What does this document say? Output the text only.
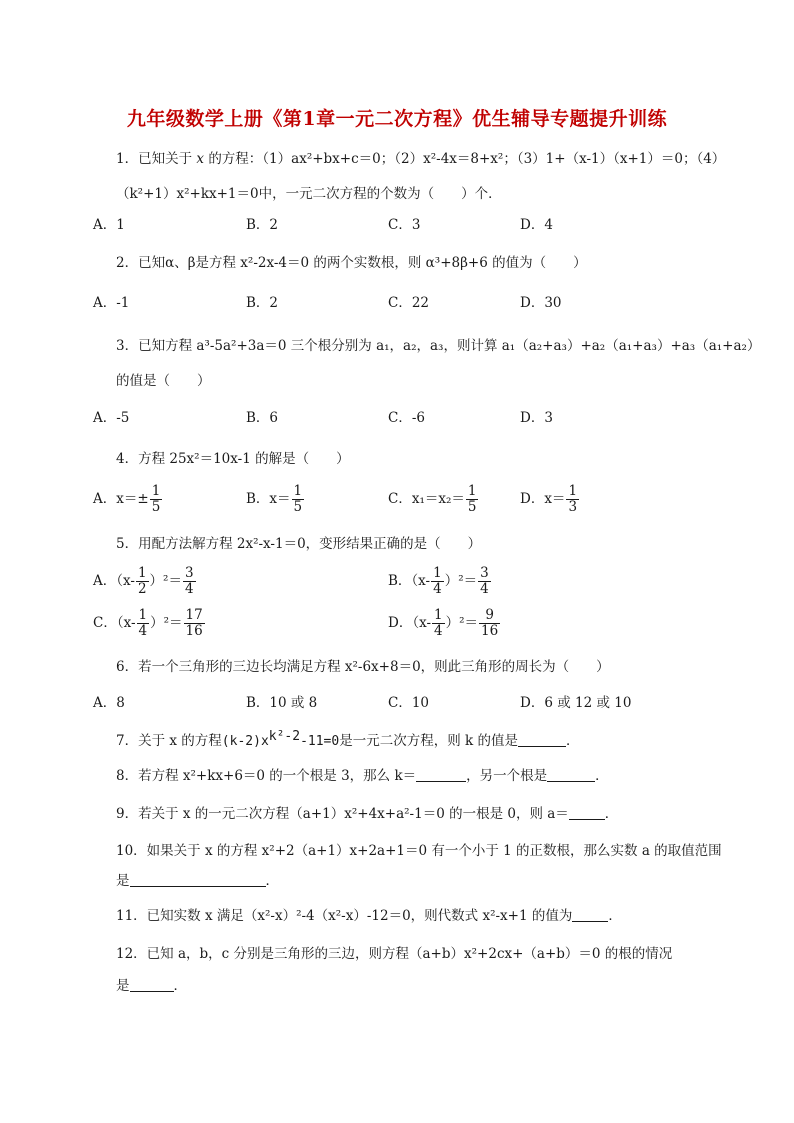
九年级数学上册《第1章一元二次方程》优生辅导专题提升训练
1．已知关于 x 的方程：（1）ax²+bx+c＝0；（2）x²-4x＝8+x²；（3）1+（x-1）（x+1）＝0；（4）
（k²+1）x²+kx+1＝0中，一元二次方程的个数为（　　）个．
A．1	B．2	C．3	D．4
2．已知α、β是方程 x²-2x-4＝0 的两个实数根，则 α³+8β+6 的值为（　　）
A．-1	B．2	C．22	D．30
3．已知方程 a³-5a²+3a＝0 三个根分别为 a₁，a₂，a₃，则计算 a₁（a₂+a₃）+a₂（a₁+a₃）+a₃（a₁+a₂）
的值是（　　）
A．-5	B．6	C．-6	D．3
4．方程 25x²＝10x-1 的解是（　　）
A．$x=\pm \frac{1}{5}$	B．$x= \frac{1}{5}$	C．$x_1=x_2= \frac{1}{5}$	D．$x= \frac{1}{3}$
5．用配方法解方程 2x²-x-1＝0，变形结果正确的是（　　）
A．$(x- \frac{1}{2} )^2= \frac{3}{4}$	B．$(x- \frac{1}{4} )^2= \frac{3}{4}$
C．$(x- \frac{1}{4} )^2= \frac{17}{16}$	D．$(x- \frac{1}{4} )^2= \frac{9}{16}$
6．若一个三角形的三边长均满足方程 x²-6x+8＝0，则此三角形的周长为（　　）
A．8	B．10 或 8	C．10	D．6 或 12 或 10
7．关于 x 的方程$(k-2)x^{k^2-2}-11=0$是一元二次方程，则 k 的值是	．
8．若方程 x²+kx+6＝0 的一个根是 3，那么 k＝	，另一个根是	．
9．若关于 x 的一元二次方程（a+1）x²+4x+a²-1＝0 的一根是 0，则 a＝	．
10．如果关于 x 的方程 x²+2（a+1）x+2a+1＝0 有一个小于 1 的正数根，那么实数 a 的取值范围
是	．
11．已知实数 x 满足（x²-x）²-4（x²-x）-12＝0，则代数式 x²-x+1 的值为	．
12．已知 a，b，c 分别是三角形的三边，则方程（a+b）x²+2cx+（a+b）＝0 的根的情况
是	．
